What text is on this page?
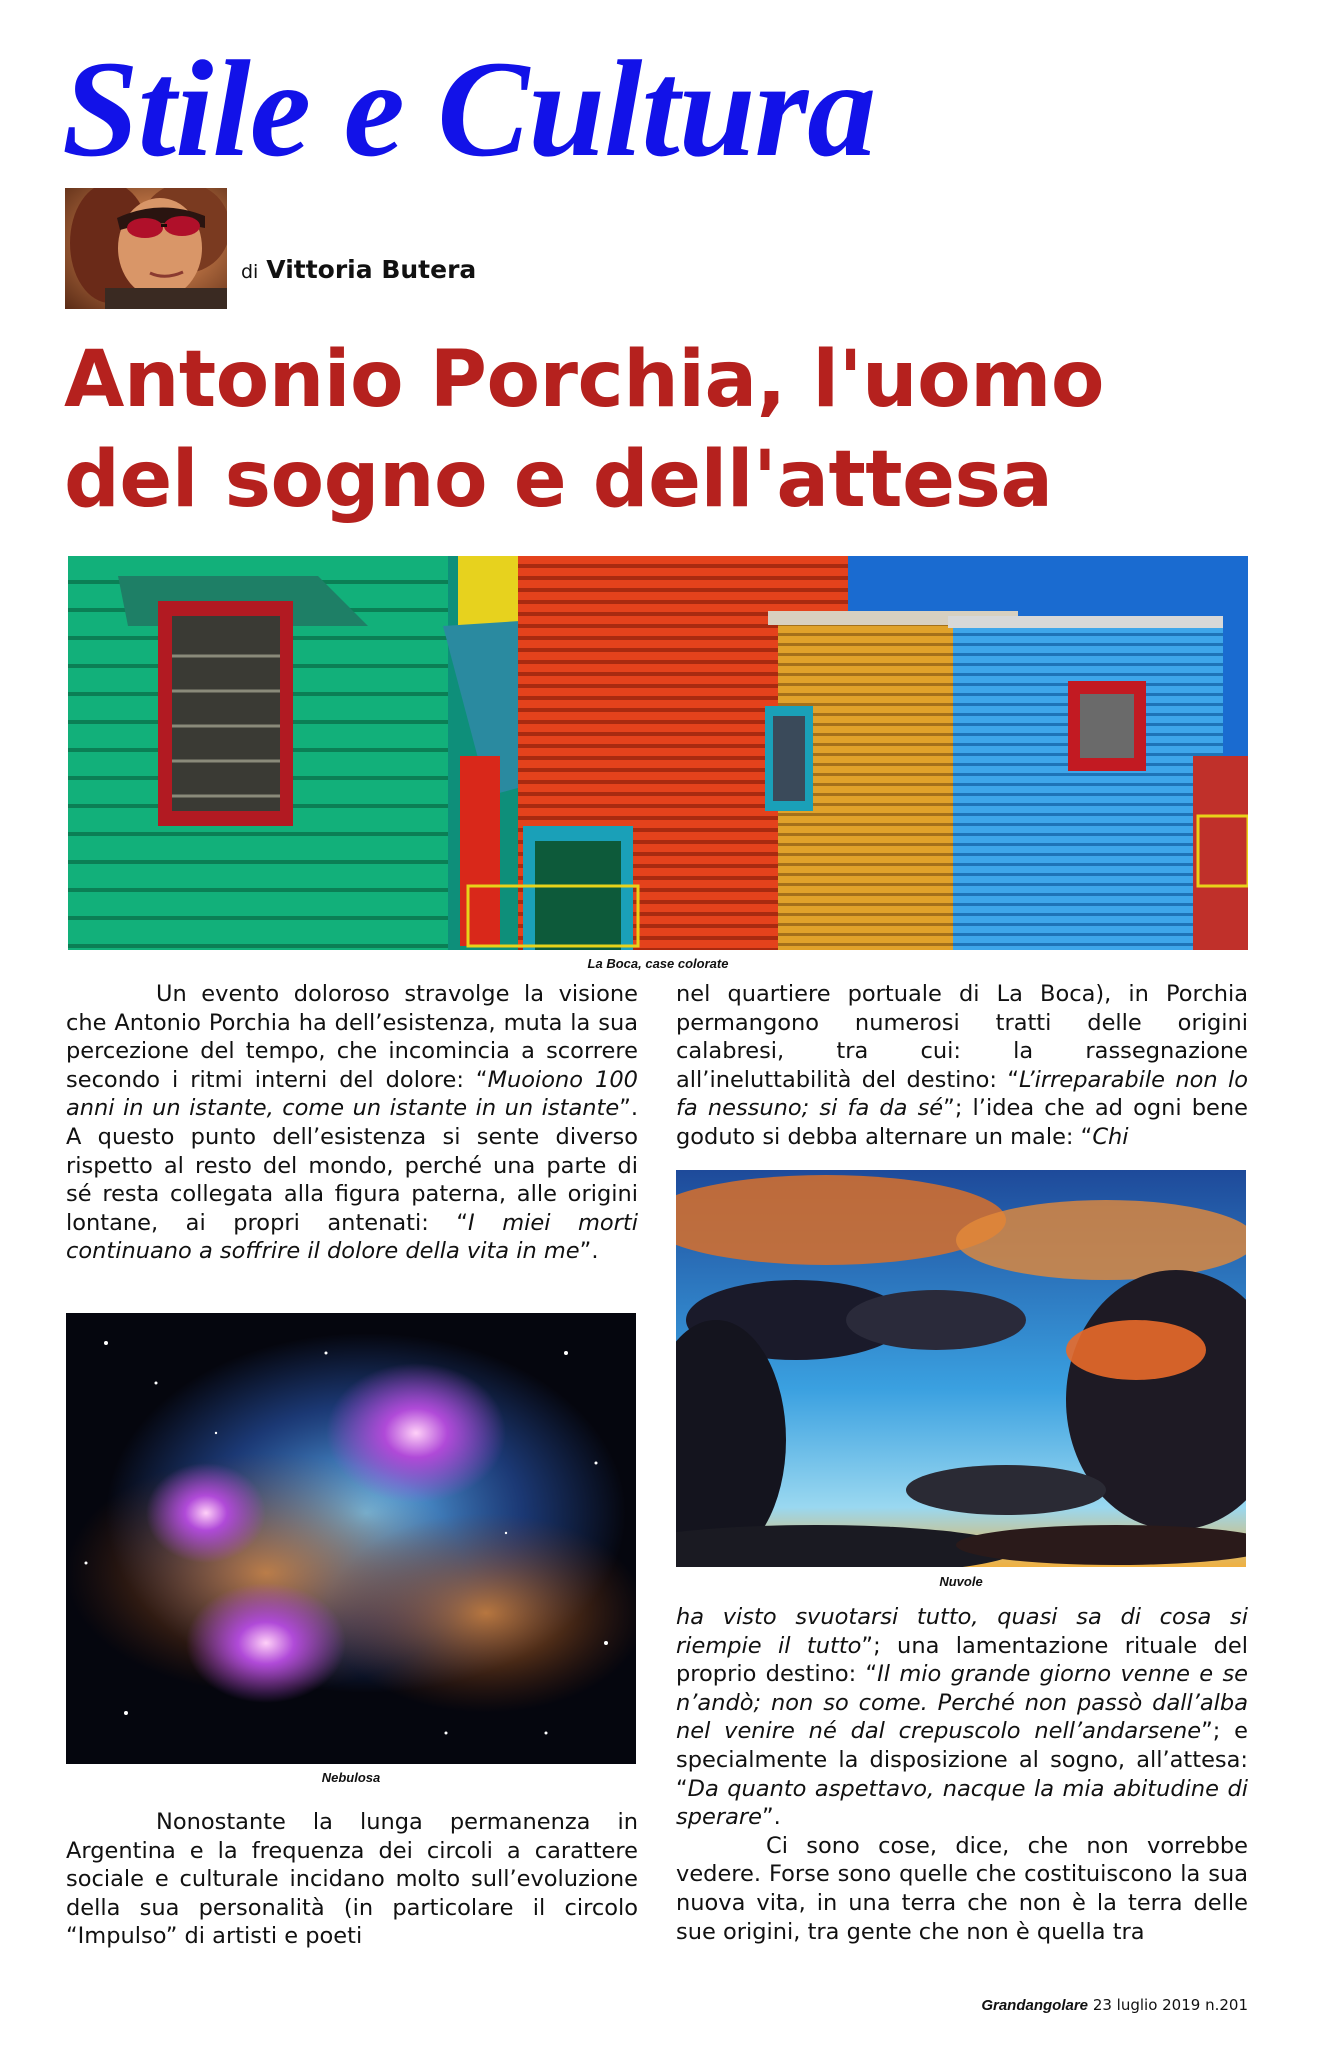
Stile e Cultura
di Vittoria Butera
Antonio Porchia, l'uomo del sogno e dell'attesa
La Boca, case colorate

Un evento doloroso stravolge la visione che Antonio Porchia ha dell’esistenza, muta la sua percezione del tempo, che incomincia a scorrere secondo i ritmi interni del dolore: “Muoiono 100 anni in un istante, come un istante in un istante”. A questo punto dell’esistenza si sente diverso rispetto al resto del mondo, perché una parte di sé resta collegata alla figura paterna, alle origini lontane, ai propri antenati: “I miei morti continuano a soffrire il dolore della vita in me”.

Nebulosa

Nonostante la lunga permanenza in Argentina e la frequenza dei circoli a carattere sociale e culturale incidano molto sull’evoluzione della sua personalità (in particolare il circolo “Impulso” di artisti e poeti

nel quartiere portuale di La Boca), in Porchia permangono numerosi tratti delle origini calabresi, tra cui: la rassegnazione all’ineluttabilità del destino: “L’irreparabile non lo fa nessuno; si fa da sé”; l’idea che ad ogni bene goduto si debba alternare un male: “Chi

Nuvole

ha visto svuotarsi tutto, quasi sa di cosa si riempie il tutto”; una lamentazione rituale del proprio destino: “Il mio grande giorno venne e se n’andò; non so come. Perché non passò dall’alba nel venire né dal crepuscolo nell’andarsene”; e specialmente la disposizione al sogno, all’attesa: “Da quanto aspettavo, nacque la mia abitudine di sperare”.

Ci sono cose, dice, che non vorrebbe vedere. Forse sono quelle che costituiscono la sua nuova vita, in una terra che non è la terra delle sue origini, tra gente che non è quella tra

Grandangolare 23 luglio 2019 n.201
